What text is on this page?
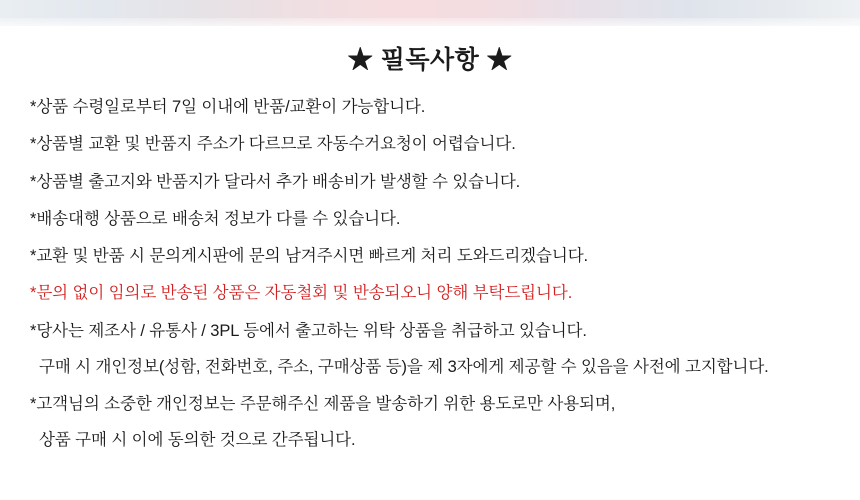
★ 필독사항 ★

*상품 수령일로부터 7일 이내에 반품/교환이 가능합니다.

*상품별 교환 및 반품지 주소가 다르므로 자동수거요청이 어렵습니다.

*상품별 출고지와 반품지가 달라서 추가 배송비가 발생할 수 있습니다.

*배송대행 상품으로 배송처 정보가 다를 수 있습니다.

*교환 및 반품 시 문의게시판에 문의 남겨주시면 빠르게 처리 도와드리겠습니다.

*문의 없이 임의로 반송된 상품은 자동철회 및 반송되오니 양해 부탁드립니다.

*당사는 제조사 / 유통사 / 3PL 등에서 출고하는 위탁 상품을 취급하고 있습니다.

구매 시 개인정보(성함, 전화번호, 주소, 구매상품 등)을 제 3자에게 제공할 수 있음을 사전에 고지합니다.

*고객님의 소중한 개인정보는 주문해주신 제품을 발송하기 위한 용도로만 사용되며,

상품 구매 시 이에 동의한 것으로 간주됩니다.
